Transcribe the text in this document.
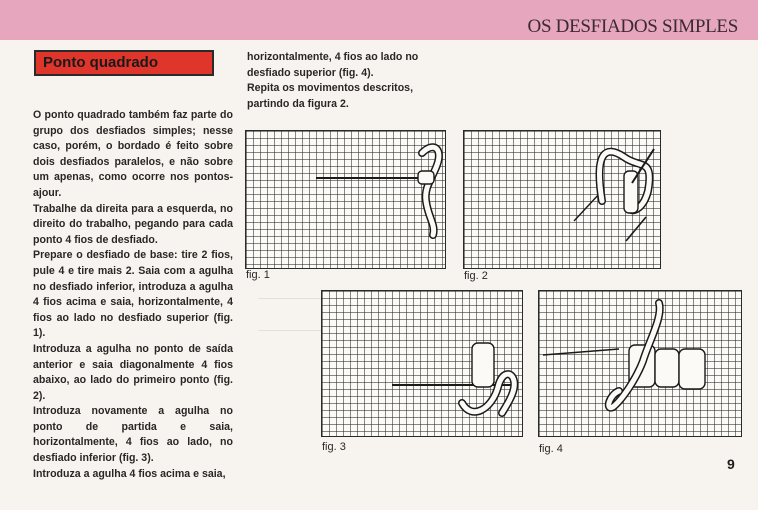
OS DESFIADOS SIMPLES
Ponto quadrado

O ponto quadrado também faz parte do grupo dos desfiados simples; nesse caso, porém, o bordado é feito sobre dois desfiados paralelos, e não sobre um apenas, como ocorre nos pontos-ajour.

Trabalhe da direita para a esquerda, no direito do trabalho, pegando para cada ponto 4 fios de desfiado.

Prepare o desfiado de base: tire 2 fios, pule 4 e tire mais 2. Saia com a agulha no desfiado inferior, introduza a agulha 4 fios acima e saia, horizontalmente, 4 fios ao lado no desfiado superior (fig. 1).

Introduza a agulha no ponto de saída anterior e saia diagonalmente 4 fios abaixo, ao lado do primeiro ponto (fig. 2).

Introduza novamente a agulha no ponto de partida e saia, horizontalmente, 4 fios ao lado, no desfiado inferior (fig. 3).

Introduza a agulha 4 fios acima e saia,

horizontalmente, 4 fios ao lado no desfiado superior (fig. 4).

Repita os movimentos descritos, partindo da figura 2.

fig. 1	fig. 2
fig. 3	fig. 4
9
